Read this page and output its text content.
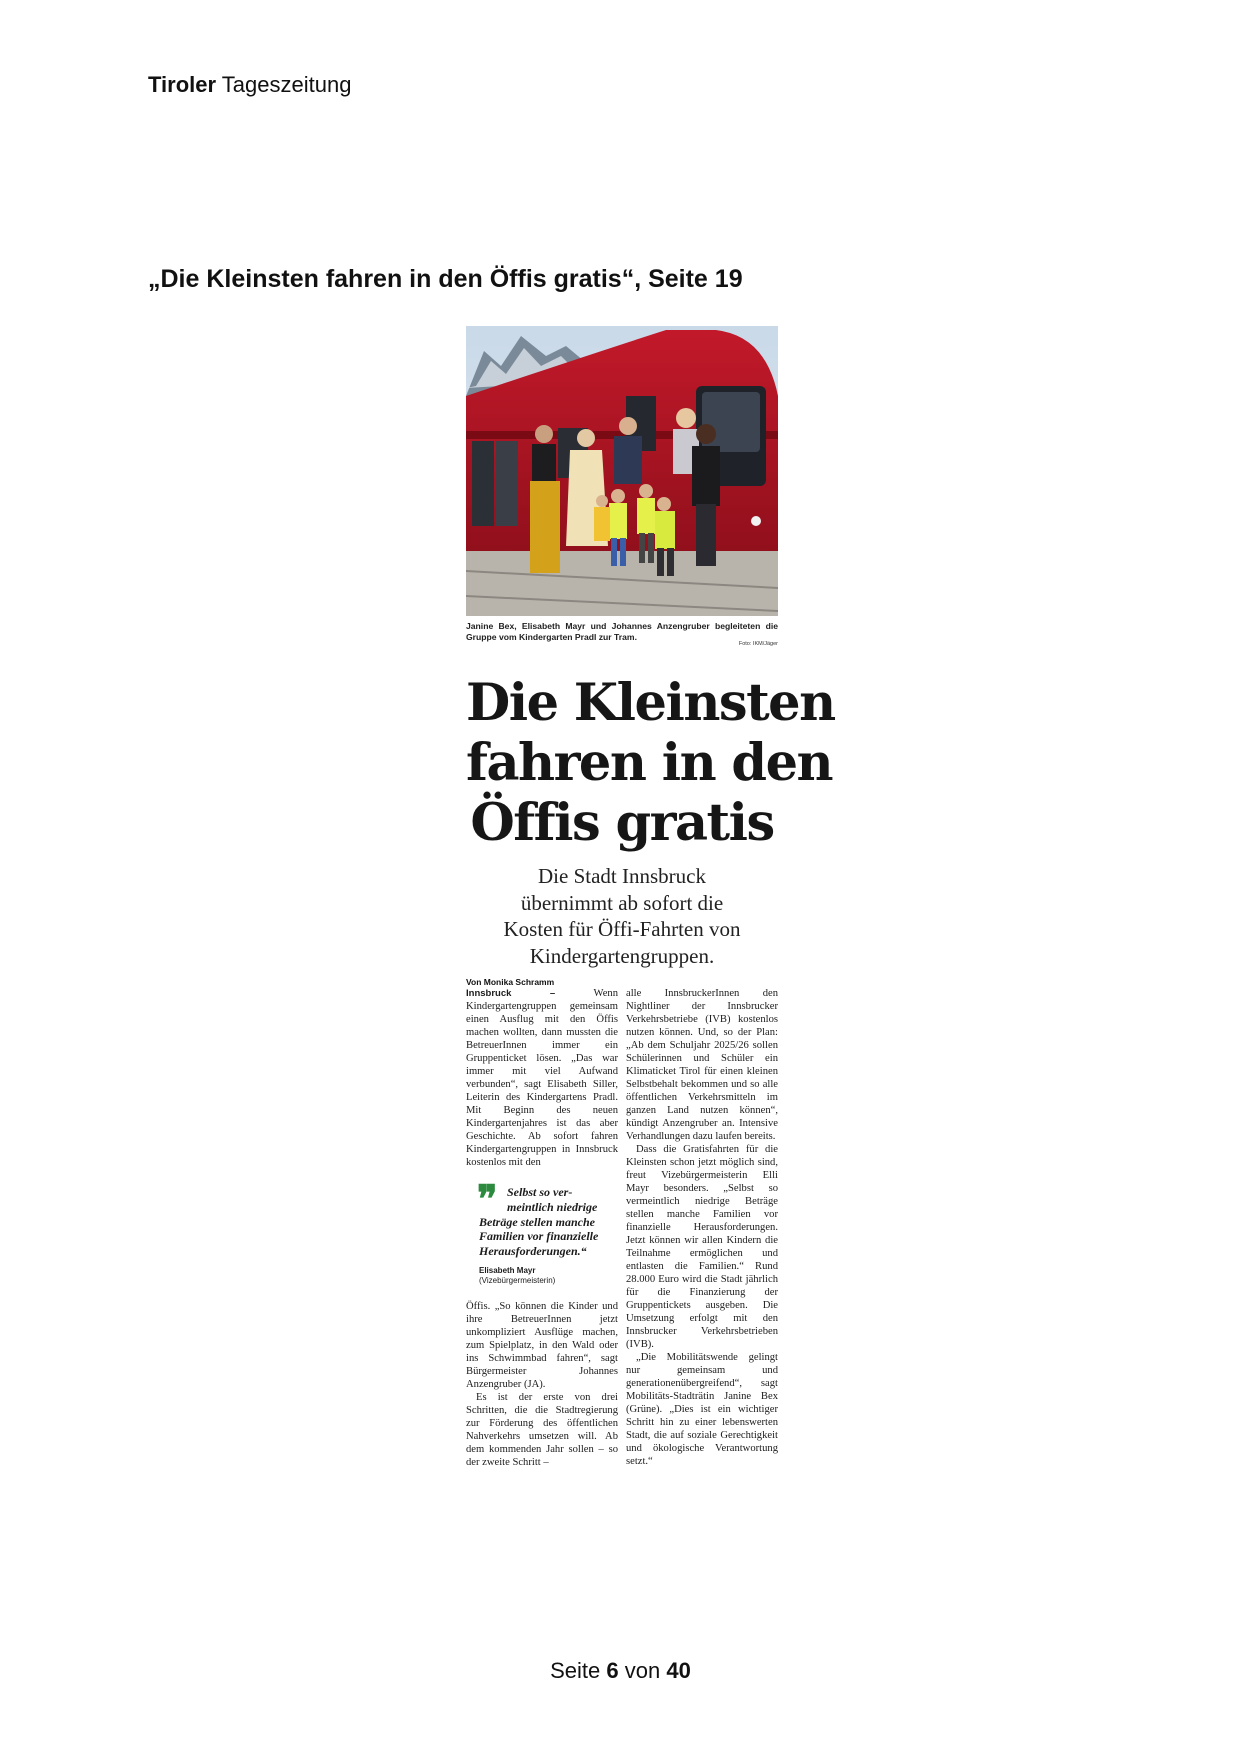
Tiroler Tageszeitung
„Die Kleinsten fahren in den Öffis gratis“, Seite 19
Janine Bex, Elisabeth Mayr und Johannes Anzengruber begleiteten die Gruppe vom Kindergarten Pradl zur Tram.
Foto: IKM/Jäger
Die Kleinsten
fahren in den
Öffis gratis
Die Stadt Innsbruck
übernimmt ab sofort die
Kosten für Öffi-Fahrten von
Kindergartengruppen.
Von Monika Schramm

Innsbruck –	Wenn Kindergartengruppen gemeinsam einen Ausflug mit den Öffis machen wollten, dann mussten die BetreuerInnen immer ein Gruppenticket lösen. „Das war immer mit viel Aufwand verbunden“, sagt Elisabeth Siller, Leiterin des Kindergartens Pradl. Mit Beginn des neuen Kindergartenjahres ist das aber Geschichte. Ab sofort fahren Kindergartengruppen in Innsbruck kostenlos mit den

❞ Selbst so ver-
meintlich niedrige
Beträge stellen manche
Familien vor finanzielle
Herausforderungen.“
Elisabeth Mayr
(Vizebürgermeisterin)

Öffis. „So können die Kinder und ihre BetreuerInnen jetzt unkompliziert Ausflüge machen, zum Spielplatz, in den Wald oder ins Schwimmbad fahren“, sagt Bürgermeister Johannes Anzengruber (JA).

Es ist der erste von drei Schritten, die die Stadtregierung zur Förderung des öffentlichen Nahverkehrs umsetzen will. Ab dem kommenden Jahr sollen – so der zweite Schritt –

alle InnsbruckerInnen den Nightliner der Innsbrucker Verkehrsbetriebe (IVB) kostenlos nutzen können. Und, so der Plan: „Ab dem Schuljahr 2025/26 sollen Schülerinnen und Schüler ein Klimaticket Tirol für einen kleinen Selbstbehalt bekommen und so alle öffentlichen Verkehrsmitteln im ganzen Land nutzen können“, kündigt Anzengruber an. Intensive Verhandlungen dazu laufen bereits.

Dass die Gratisfahrten für die Kleinsten schon jetzt möglich sind, freut Vizebürgermeisterin Elli Mayr besonders. „Selbst so vermeintlich niedrige Beträge stellen manche Familien vor finanzielle Herausforderungen. Jetzt können wir allen Kindern die Teilnahme ermöglichen und entlasten die Familien.“ Rund 28.000 Euro wird die Stadt jährlich für die Finanzierung der Gruppentickets ausgeben. Die Umsetzung erfolgt mit den Innsbrucker Verkehrsbetrieben (IVB).

„Die Mobilitätswende gelingt nur gemeinsam und generationenübergreifend“, sagt Mobilitäts-Stadträtin Janine Bex (Grüne). „Dies ist ein wichtiger Schritt hin zu einer lebenswerten Stadt, die auf soziale Gerechtigkeit und ökologische Verantwortung setzt.“

Seite 6 von 40
